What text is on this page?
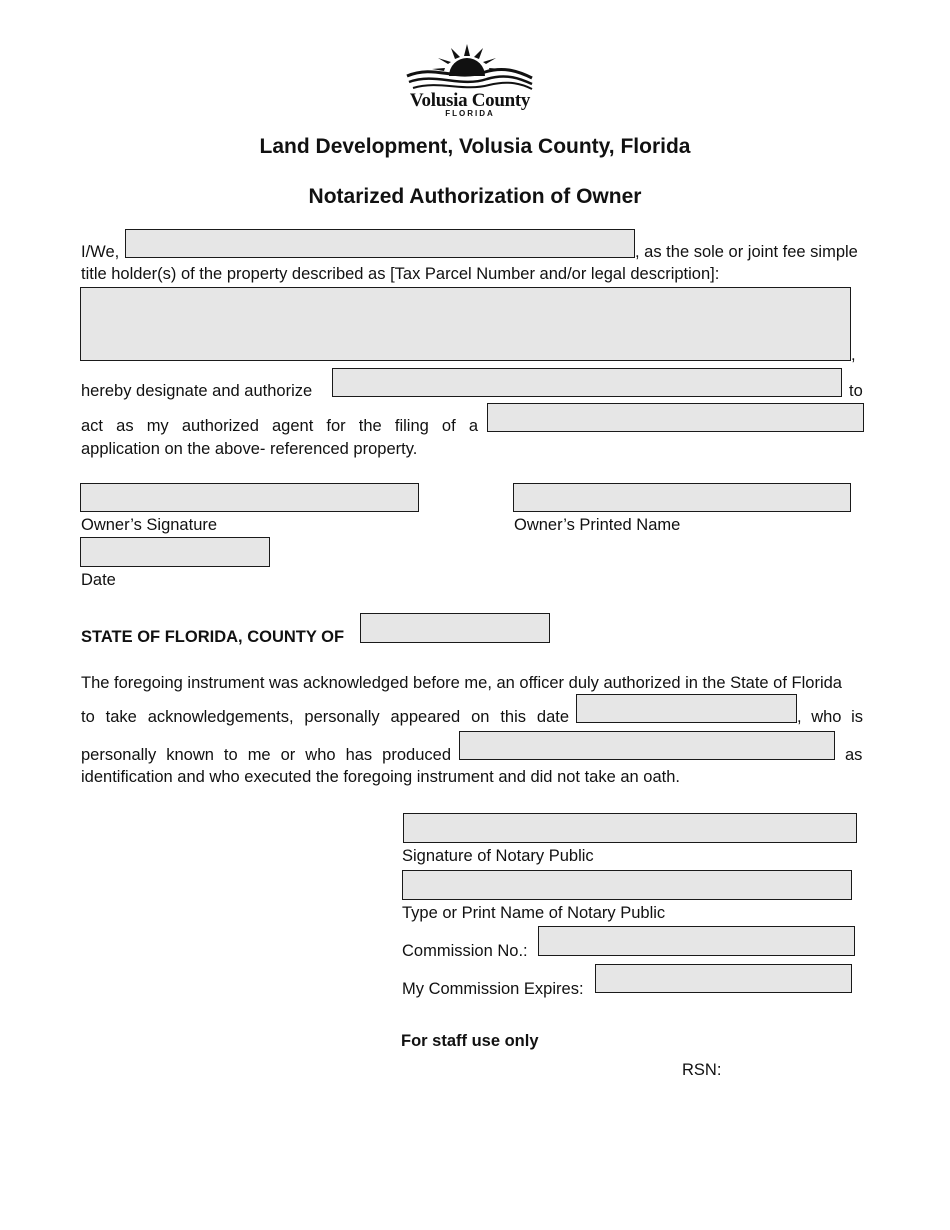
Volusia County
FLORIDA
Land Development, Volusia County, Florida
Notarized Authorization of Owner
I/We,	, as the sole or joint fee simple
title holder(s) of the property described as [Tax Parcel Number and/or legal description]:
,
hereby designate and authorize	to
act as my authorized agent for the filing of a
application on the above- referenced property.
Owner’s Signature	Owner’s Printed Name
Date
STATE OF FLORIDA, COUNTY OF
The foregoing instrument was acknowledged before me, an officer duly authorized in the State of Florida
to take acknowledgements, personally appeared on this date	, who is
personally known to me or who has produced	as
identification and who executed the foregoing instrument and did not take an oath.
Signature of Notary Public
Type or Print Name of Notary Public
Commission No.:
My Commission Expires:
For staff use only
RSN:
